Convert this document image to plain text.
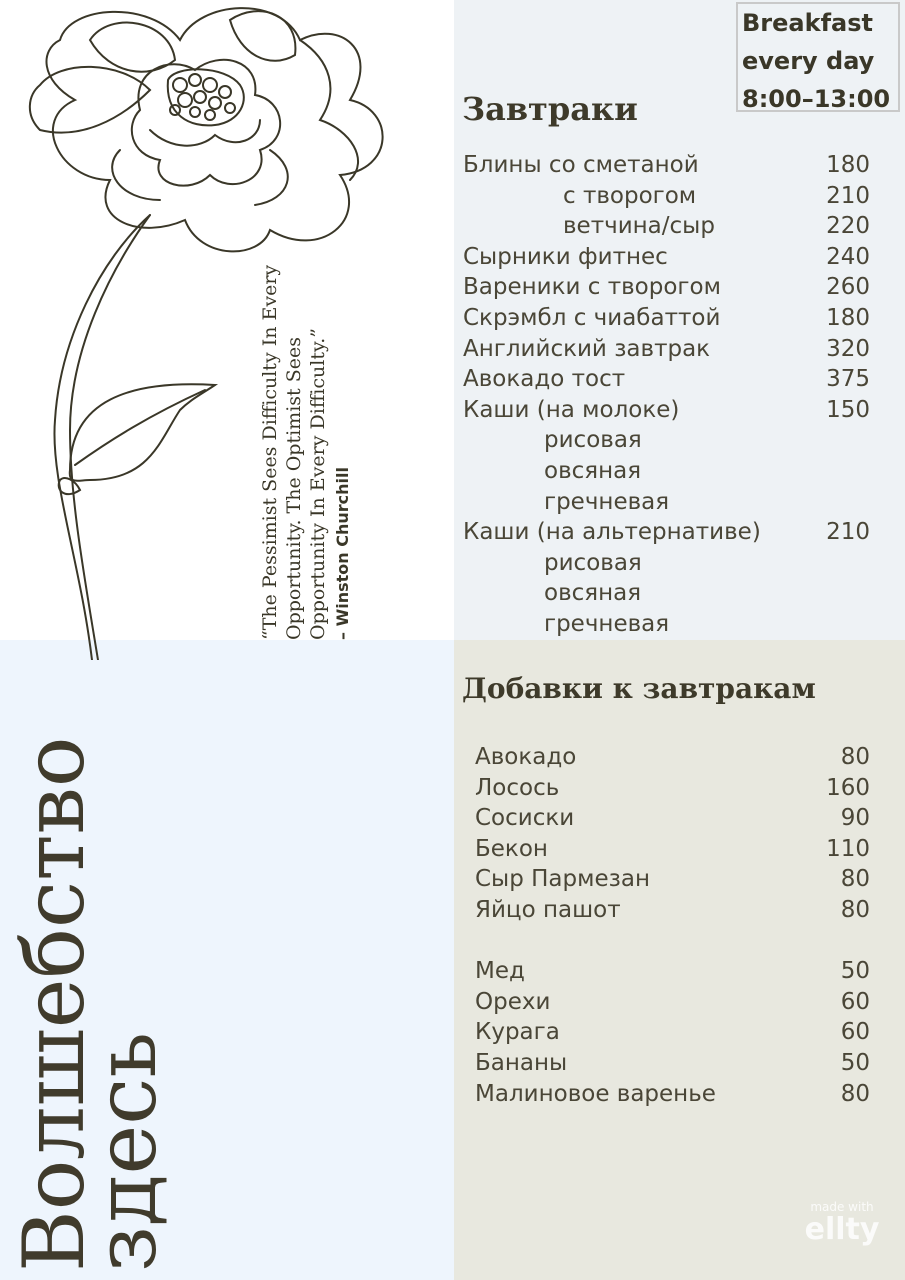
Breakfast
every day
8:00–13:00
Завтраки
Блины со сметаной	180
с творогом	210
ветчина/сыр	220
Сырники фитнес	240
Вареники с творогом	260
Скрэмбл с чиабаттой	180
Английский завтрак	320
Авокадо тост	375
Каши (на молоке)	150
рисовая
овсяная
гречневая
Каши (на альтернативе)	210
рисовая
овсяная
гречневая
Добавки к завтракам
Авокадо	80
Лосось	160
Сосиски	90
Бекон	110
Сыр Пармезан	80
Яйцо пашот	80
Мед	50
Орехи	60
Курага	60
Бананы	50
Малиновое варенье	80
“The Pessimist Sees Difficulty In Every Opportunity. The Optimist Sees Opportunity In Every Difficulty.” – Winston Churchill
Волшебство
здесь	made with
ellty
